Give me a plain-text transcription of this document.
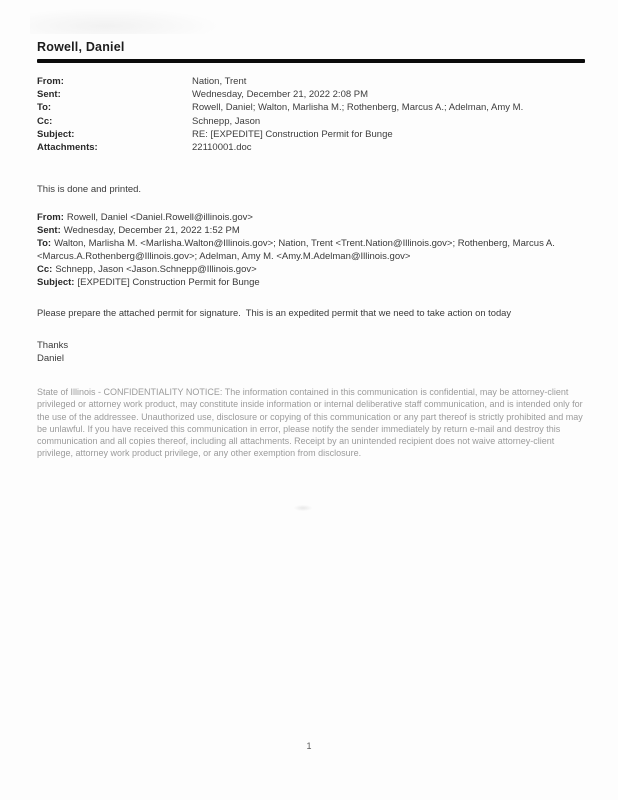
Rowell, Daniel
From:	Nation, Trent
Sent:	Wednesday, December 21, 2022 2:08 PM
To:	Rowell, Daniel; Walton, Marlisha M.; Rothenberg, Marcus A.; Adelman, Amy M.
Cc:	Schnepp, Jason
Subject:	RE: [EXPEDITE] Construction Permit for Bunge
Attachments:	22110001.doc
This is done and printed.
From: Rowell, Daniel <Daniel.Rowell@illinois.gov>
Sent: Wednesday, December 21, 2022 1:52 PM
To: Walton, Marlisha M. <Marlisha.Walton@Illinois.gov>; Nation, Trent <Trent.Nation@Illinois.gov>; Rothenberg, Marcus A. <Marcus.A.Rothenberg@Illinois.gov>; Adelman, Amy M. <Amy.M.Adelman@Illinois.gov>
Cc: Schnepp, Jason <Jason.Schnepp@Illinois.gov>
Subject: [EXPEDITE] Construction Permit for Bunge
Please prepare the attached permit for signature.  This is an expedited permit that we need to take action on today
Thanks
Daniel
State of Illinois - CONFIDENTIALITY NOTICE: The information contained in this communication is confidential, may be attorney-client privileged or attorney work product, may constitute inside information or internal deliberative staff communication, and is intended only for the use of the addressee. Unauthorized use, disclosure or copying of this communication or any part thereof is strictly prohibited and may be unlawful. If you have received this communication in error, please notify the sender immediately by return e-mail and destroy this communication and all copies thereof, including all attachments. Receipt by an unintended recipient does not waive attorney-client privilege, attorney work product privilege, or any other exemption from disclosure.
1
